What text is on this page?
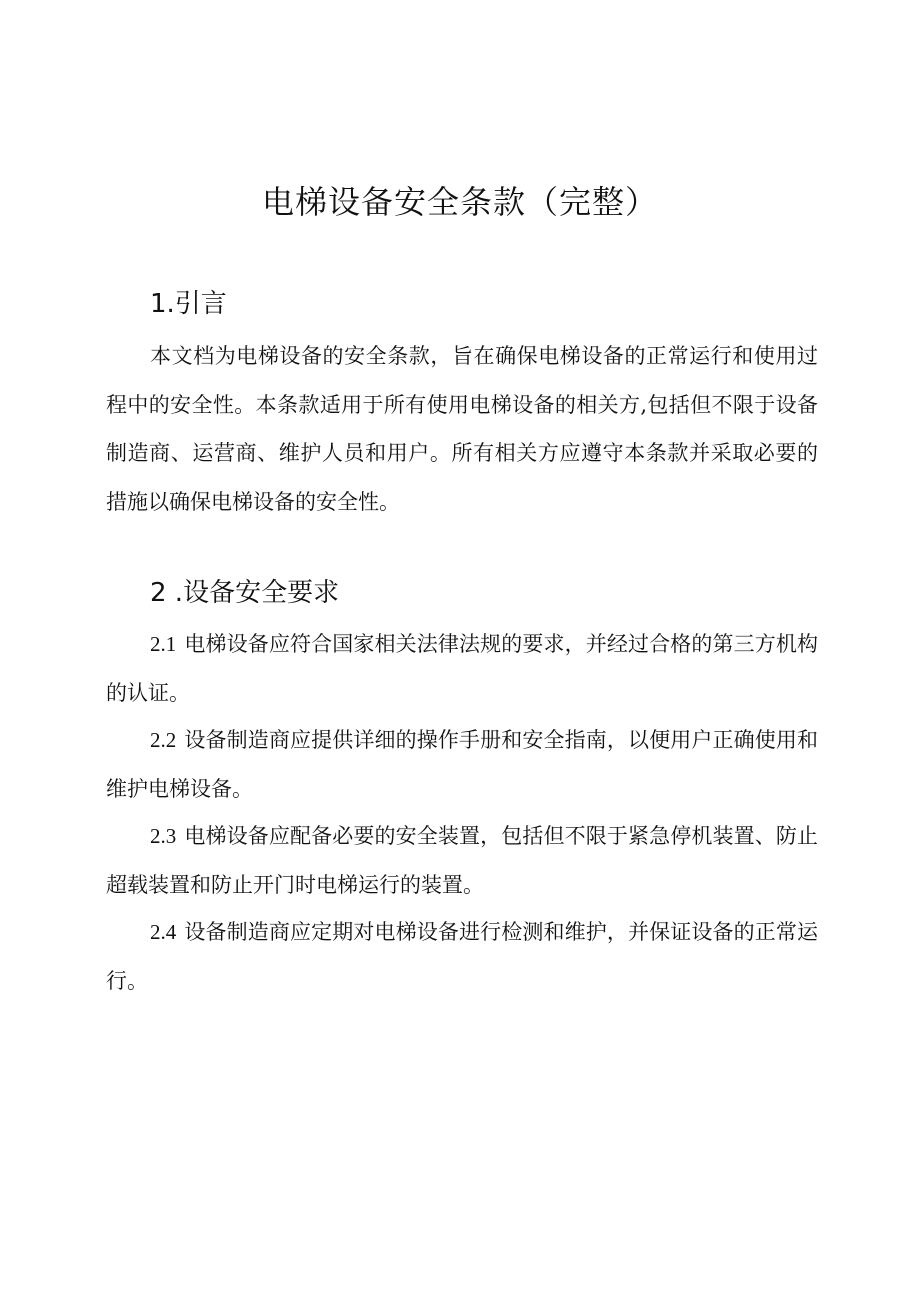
电梯设备安全条款（完整）
1.引言

本文档为电梯设备的安全条款，旨在确保电梯设备的正常运行和使用过程中的安全性。本条款适用于所有使用电梯设备的相关方,包括但不限于设备制造商、运营商、维护人员和用户。所有相关方应遵守本条款并采取必要的措施以确保电梯设备的安全性。

2 .设备安全要求

2.1 电梯设备应符合国家相关法律法规的要求，并经过合格的第三方机构的认证。

2.2 设备制造商应提供详细的操作手册和安全指南，以便用户正确使用和维护电梯设备。

2.3 电梯设备应配备必要的安全装置，包括但不限于紧急停机装置、防止超载装置和防止开门时电梯运行的装置。

2.4 设备制造商应定期对电梯设备进行检测和维护，并保证设备的正常运行。
